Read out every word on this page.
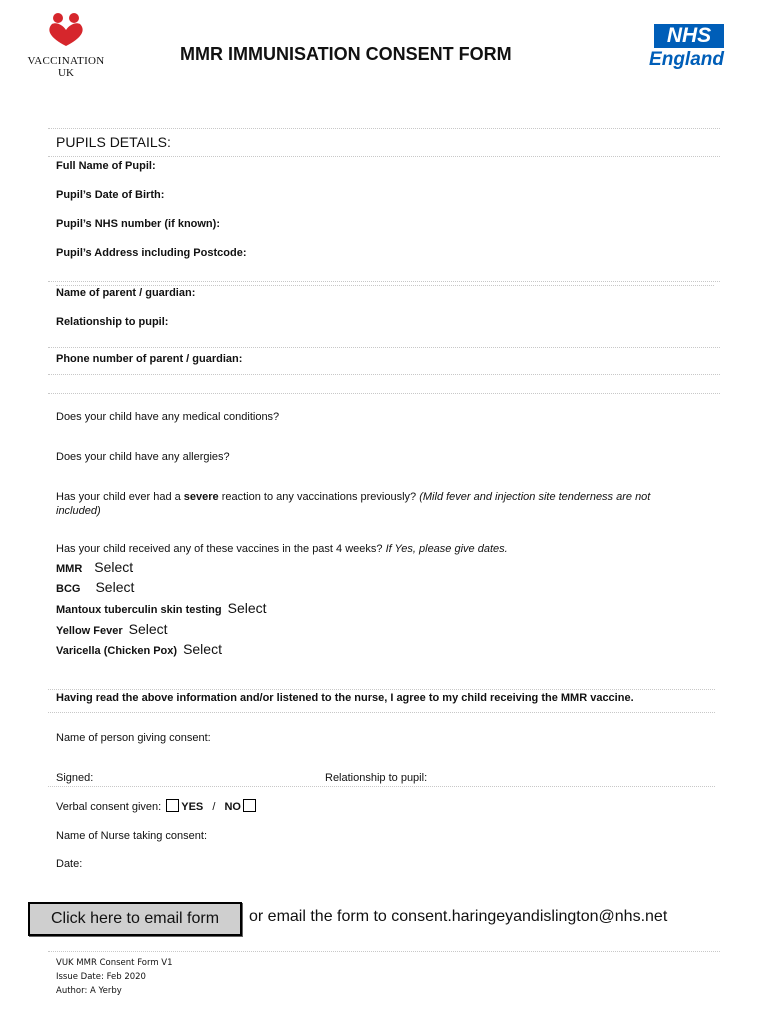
VACCINATION
UK
MMR IMMUNISATION CONSENT FORM
NHS
England
PUPILS DETAILS:
Full Name of Pupil:
Pupil’s Date of Birth:
Pupil’s NHS number (if known):
Pupil’s Address including Postcode:
Name of parent / guardian:
Relationship to pupil:
Phone number of parent / guardian:
Does your child have any medical conditions?
Does your child have any allergies?
Has your child ever had a severe reaction to any vaccinations previously? (Mild fever and injection site tenderness are not included)
Has your child received any of these vaccines in the past 4 weeks? If Yes, please give dates.
MMR Select
BCG Select
Mantoux tuberculin skin testing Select
Yellow Fever Select
Varicella (Chicken Pox) Select
Having read the above information and/or listened to the nurse, I agree to my child receiving the MMR vaccine.
Name of person giving consent:
Signed:	Relationship to pupil:
Verbal consent given: YES / NO
Name of Nurse taking consent:
Date:
Click here to email form	or email the form to consent.haringeyandislington@nhs.net
VUK MMR Consent Form V1
Issue Date: Feb 2020
Author: A Yerby
